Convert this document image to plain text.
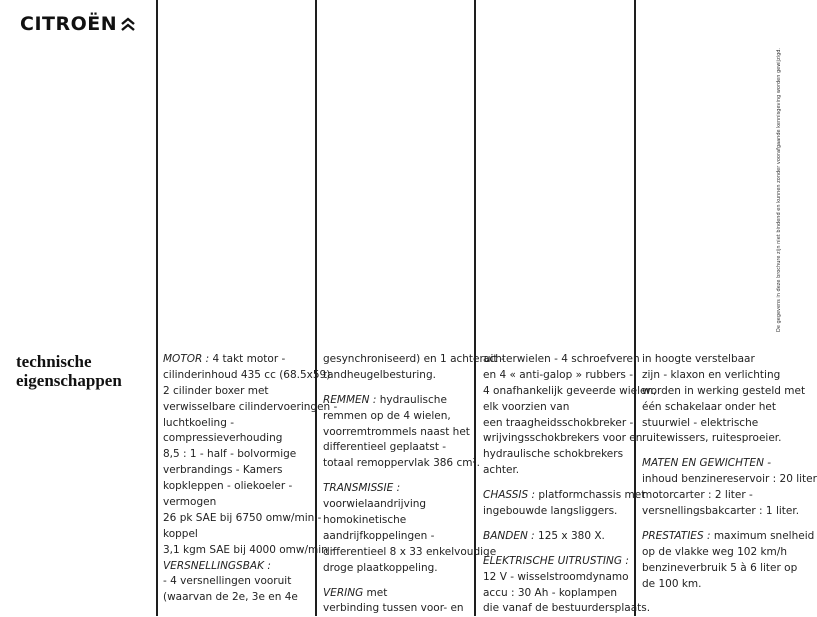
CITROËN
technische
eigenschappen
MOTOR : 4 takt motor -
cilinderinhoud 435 cc (68.5x59)
2 cilinder boxer met
verwisselbare cilindervoeringen -
luchtkoeling -
compressieverhouding
8,5 : 1 - half - bolvormige
verbrandings - Kamers
kopkleppen - oliekoeler -
vermogen
26 pk SAE bij 6750 omw/min -
koppel
3,1 kgm SAE bij 4000 omw/min -
VERSNELLINGSBAK :
- 4 versnellingen vooruit
(waarvan de 2e, 3e en 4e
gesynchroniseerd) en 1 achteruit -
tandheugelbesturing.
REMMEN : hydraulische
remmen op de 4 wielen,
voorremtrommels naast het
differentieel geplaatst -
totaal remoppervlak 386 cm².
TRANSMISSIE :
voorwielaandrijving
homokinetische
aandrijfkoppelingen -
differentieel 8 x 33 enkelvoudige
droge plaatkoppeling.
VERING met
verbinding tussen voor- en
achterwielen - 4 schroefveren
en 4 « anti-galop » rubbers -
4 onafhankelijk geveerde wielen,
elk voorzien van
een traagheidsschokbreker -
wrijvingsschokbrekers voor en
hydraulische schokbrekers
achter.
CHASSIS : platformchassis met
ingebouwde langsliggers.
BANDEN : 125 x 380 X.
ELEKTRISCHE UITRUSTING :
12 V - wisselstroomdynamo
accu : 30 Ah - koplampen
die vanaf de bestuurdersplaats.
in hoogte verstelbaar
zijn - klaxon en verlichting
worden in werking gesteld met
één schakelaar onder het
stuurwiel - elektrische
ruitewissers, ruitesproeier.
MATEN EN GEWICHTEN -
inhoud benzinereservoir : 20 liter
motorcarter : 2 liter -
versnellingsbakcarter : 1 liter.
PRESTATIES : maximum snelheid
op de vlakke weg 102 km/h
benzineverbruik 5 à 6 liter op
de 100 km.
De gegevens in deze brochure zijn niet bindend en kunnen zonder voorafgaande kennisgeving worden gewijzigd.
